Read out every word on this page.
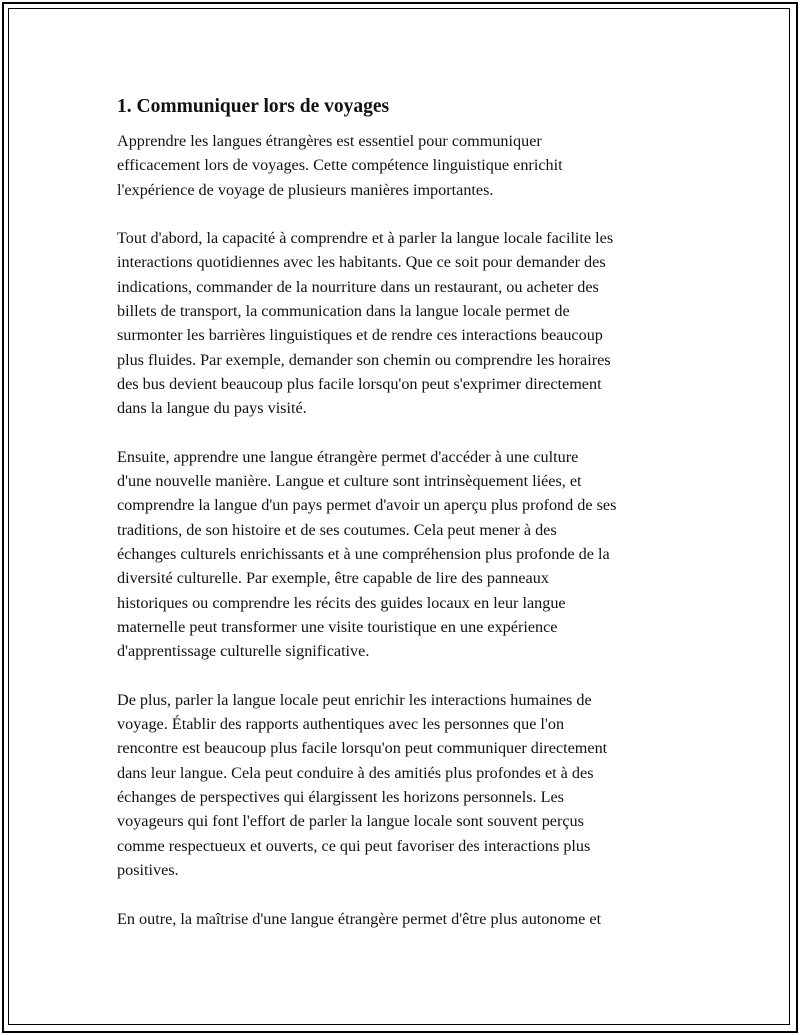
1. Communiquer lors de voyages

Apprendre les langues étrangères est essentiel pour communiquer
efficacement lors de voyages. Cette compétence linguistique enrichit
l'expérience de voyage de plusieurs manières importantes.

Tout d'abord, la capacité à comprendre et à parler la langue locale facilite les
interactions quotidiennes avec les habitants. Que ce soit pour demander des
indications, commander de la nourriture dans un restaurant, ou acheter des
billets de transport, la communication dans la langue locale permet de
surmonter les barrières linguistiques et de rendre ces interactions beaucoup
plus fluides. Par exemple, demander son chemin ou comprendre les horaires
des bus devient beaucoup plus facile lorsqu'on peut s'exprimer directement
dans la langue du pays visité.

Ensuite, apprendre une langue étrangère permet d'accéder à une culture
d'une nouvelle manière. Langue et culture sont intrinsèquement liées, et
comprendre la langue d'un pays permet d'avoir un aperçu plus profond de ses
traditions, de son histoire et de ses coutumes. Cela peut mener à des
échanges culturels enrichissants et à une compréhension plus profonde de la
diversité culturelle. Par exemple, être capable de lire des panneaux
historiques ou comprendre les récits des guides locaux en leur langue
maternelle peut transformer une visite touristique en une expérience
d'apprentissage culturelle significative.

De plus, parler la langue locale peut enrichir les interactions humaines de
voyage. Établir des rapports authentiques avec les personnes que l'on
rencontre est beaucoup plus facile lorsqu'on peut communiquer directement
dans leur langue. Cela peut conduire à des amitiés plus profondes et à des
échanges de perspectives qui élargissent les horizons personnels. Les
voyageurs qui font l'effort de parler la langue locale sont souvent perçus
comme respectueux et ouverts, ce qui peut favoriser des interactions plus
positives.

En outre, la maîtrise d'une langue étrangère permet d'être plus autonome et
